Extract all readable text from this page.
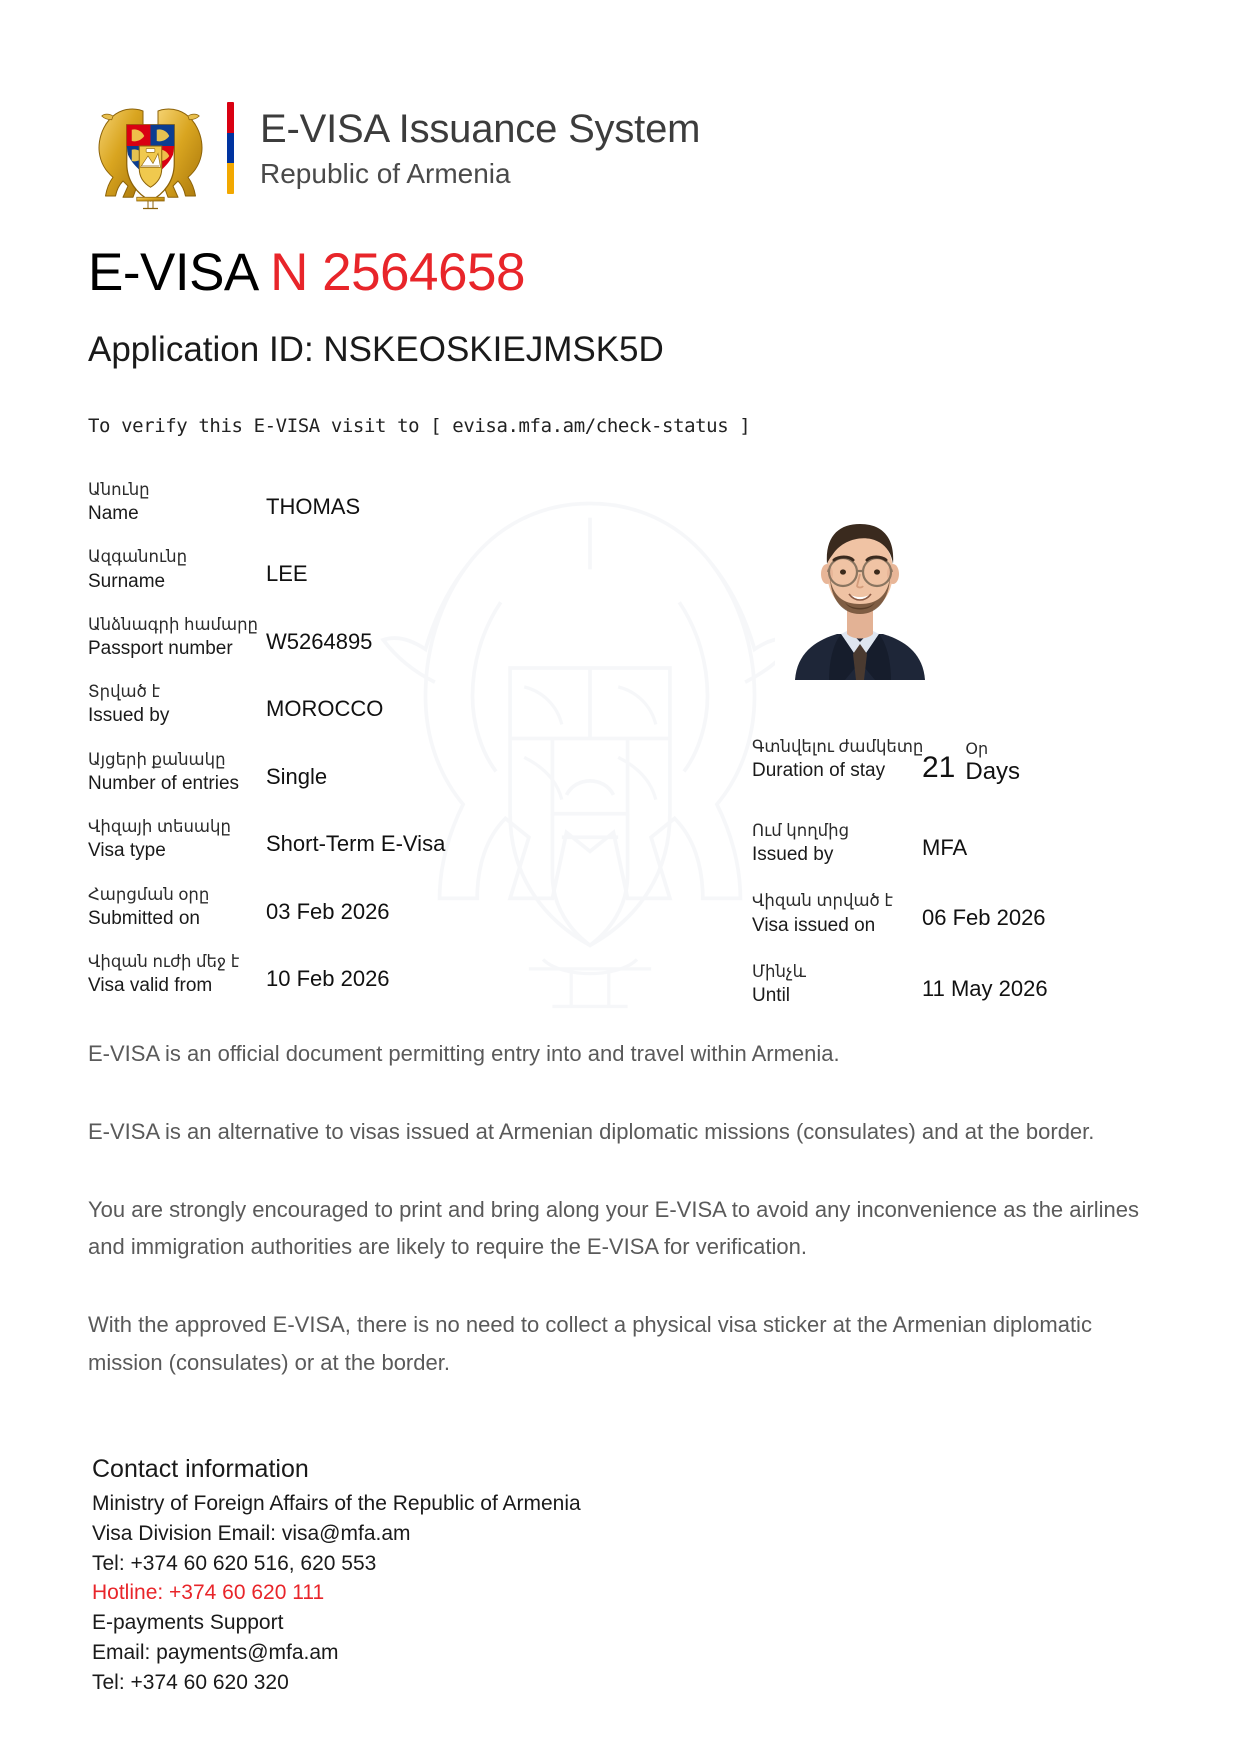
E-VISA Issuance System
Republic of Armenia
E-VISA N 2564658
Application ID: NSKEOSKIEJMSK5D
To verify this E-VISA visit to [ evisa.mfa.am/check-status ]
Անունը
Name	THOMAS
Ազգանունը
Surname	LEE
Անձնագրի համարը
Passport number	W5264895
Տրված է
Issued by	MOROCCO
Այցերի քանակը
Number of entries	Single
Վիզայի տեսակը
Visa type	Short-Term E-Visa
Հարցման օրը
Submitted on	03 Feb 2026
Վիզան ուժի մեջ է
Visa valid from	10 Feb 2026
Գտնվելու ժամկետը
Duration of stay	21
Օր
Days
Ում կողմից
Issued by	MFA
Վիզան տրված է
Visa issued on	06 Feb 2026
Մինչև
Until	11 May 2026

E-VISA is an official document permitting entry into and travel within Armenia.

E-VISA is an alternative to visas issued at Armenian diplomatic missions (consulates) and at the border.

You are strongly encouraged to print and bring along your E-VISA to avoid any inconvenience as the airlines and immigration authorities are likely to require the E-VISA for verification.

With the approved E-VISA, there is no need to collect a physical visa sticker at the Armenian diplomatic mission (consulates) or at the border.

Contact information
Ministry of Foreign Affairs of the Republic of Armenia
Visa Division Email: visa@mfa.am
Tel: +374 60 620 516, 620 553
Hotline: +374 60 620 111
E-payments Support
Email: payments@mfa.am
Tel: +374 60 620 320
